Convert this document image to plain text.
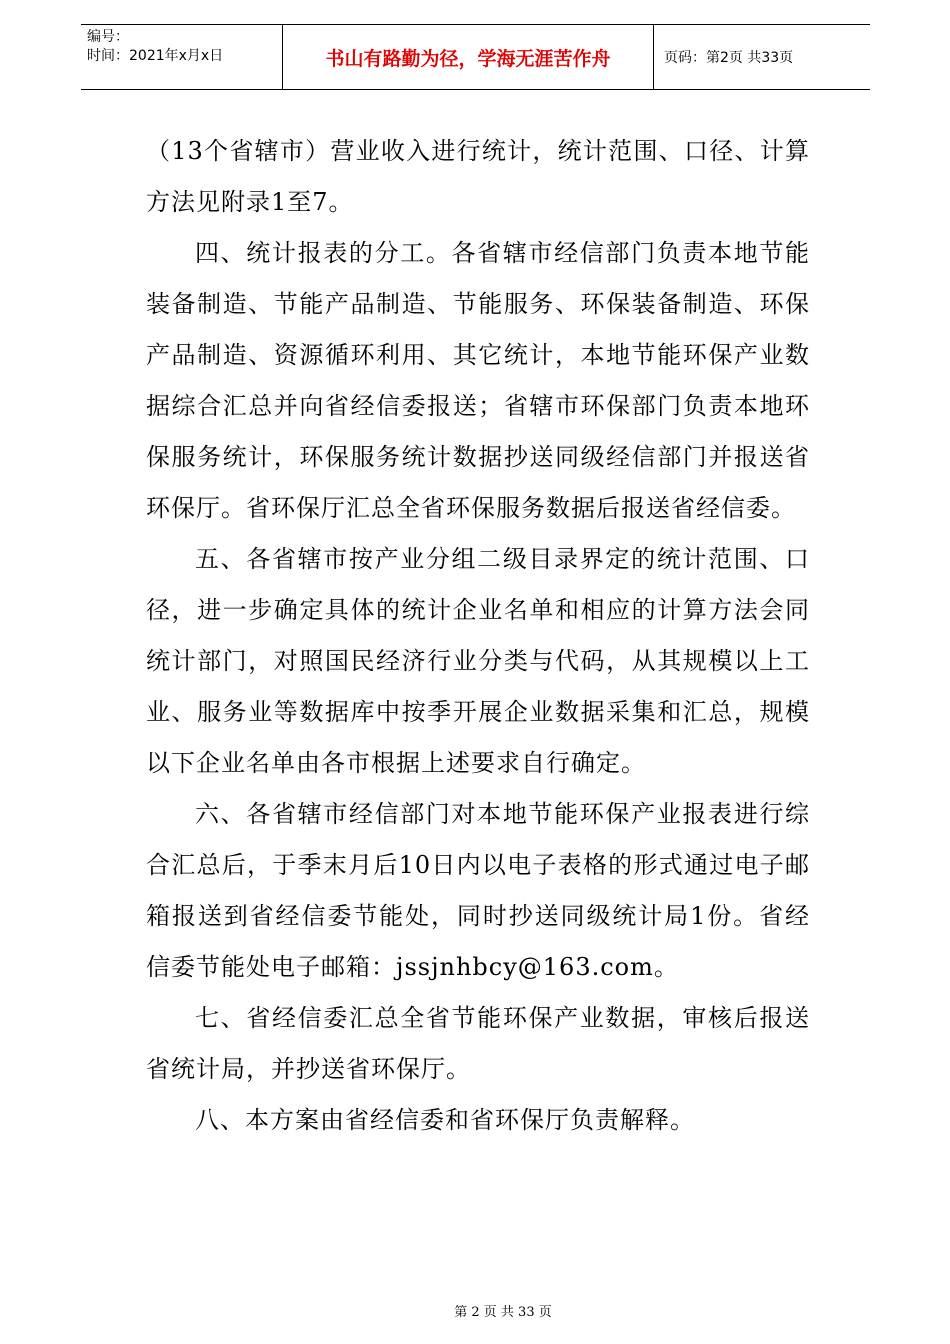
编号：
时间：2021年x月x日	书山有路勤为径，学海无涯苦作舟	页码：第2页 共33页

（13个省辖市）营业收入进行统计，统计范围、口径、计算方法见附录1至7。

四、统计报表的分工。各省辖市经信部门负责本地节能装备制造、节能产品制造、节能服务、环保装备制造、环保产品制造、资源循环利用、其它统计，本地节能环保产业数据综合汇总并向省经信委报送；省辖市环保部门负责本地环保服务统计，环保服务统计数据抄送同级经信部门并报送省环保厅。省环保厅汇总全省环保服务数据后报送省经信委。

五、各省辖市按产业分组二级目录界定的统计范围、口径，进一步确定具体的统计企业名单和相应的计算方法会同统计部门，对照国民经济行业分类与代码，从其规模以上工业、服务业等数据库中按季开展企业数据采集和汇总，规模以下企业名单由各市根据上述要求自行确定。

六、各省辖市经信部门对本地节能环保产业报表进行综合汇总后，于季末月后10日内以电子表格的形式通过电子邮箱报送到省经信委节能处，同时抄送同级统计局1份。省经信委节能处电子邮箱：jssjnhbcy@163.com。

七、省经信委汇总全省节能环保产业数据，审核后报送省统计局，并抄送省环保厅。

八、本方案由省经信委和省环保厅负责解释。

第 2 页 共 33 页
